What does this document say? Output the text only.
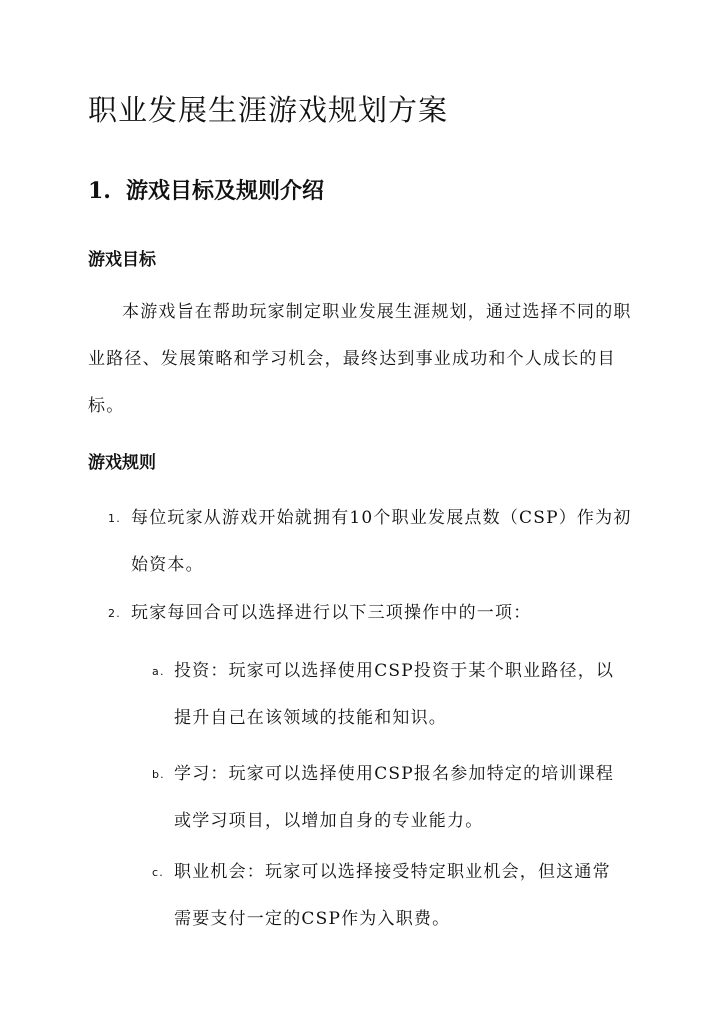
职业发展生涯游戏规划方案
1. 游戏目标及规则介绍
游戏目标

本游戏旨在帮助玩家制定职业发展生涯规划，通过选择不同的职业路径、发展策略和学习机会，最终达到事业成功和个人成长的目标。

游戏规则
1. 每位玩家从游戏开始就拥有10个职业发展点数（CSP）作为初始资本。
2. 玩家每回合可以选择进行以下三项操作中的一项：
a. 投资：玩家可以选择使用CSP投资于某个职业路径，以提升自己在该领域的技能和知识。
b. 学习：玩家可以选择使用CSP报名参加特定的培训课程或学习项目，以增加自身的专业能力。
c. 职业机会：玩家可以选择接受特定职业机会，但这通常需要支付一定的CSP作为入职费。
